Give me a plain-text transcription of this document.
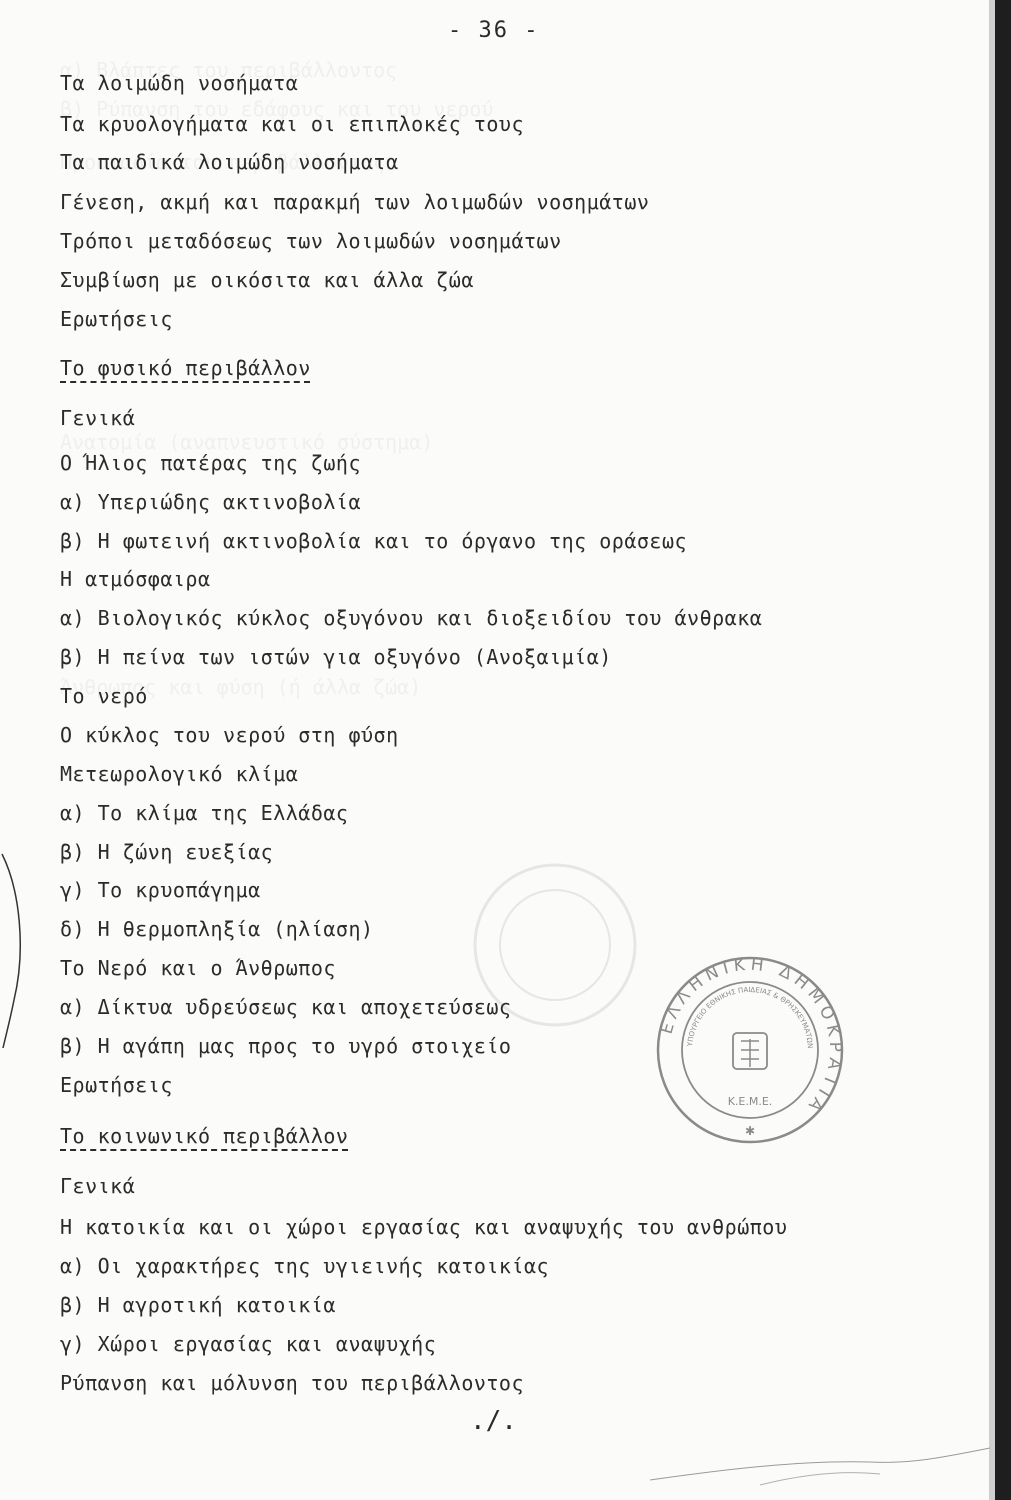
- 36 -
Τα λοιμώδη νοσήματα
Τα κρυολογήματα και οι επιπλοκές τους
Τα παιδικά λοιμώδη νοσήματα
Γένεση, ακμή και παρακμή των λοιμωδών νοσημάτων
Τρόποι μεταδόσεως των λοιμωδών νοσημάτων
Συμβίωση με οικόσιτα και άλλα ζώα
Ερωτήσεις
Το φυσικό περιβάλλον
Γενικά
Ο Ήλιος πατέρας της ζωής
α) Υπεριώδης ακτινοβολία
β) Η φωτεινή ακτινοβολία και το όργανο της οράσεως
Η ατμόσφαιρα
α) Βιολογικός κύκλος οξυγόνου και διοξειδίου του άνθρακα
β) Η πείνα των ιστών για οξυγόνο (Ανοξαιμία)
Το νερό
Ο κύκλος του νερού στη φύση
Μετεωρολογικό κλίμα
α) Το κλίμα της Ελλάδας
β) Η ζώνη ευεξίας
γ) Το κρυοπάγημα
δ) Η θερμοπληξία (ηλίαση)
Το Νερό και ο Άνθρωπος
α) Δίκτυα υδρεύσεως και αποχετεύσεως
β) Η αγάπη μας προς το υγρό στοιχείο
Ερωτήσεις
Το κοινωνικό περιβάλλον
Γενικά
Η κατοικία και οι χώροι εργασίας και αναψυχής του ανθρώπου
α) Οι χαρακτήρες της υγιεινής κατοικίας
β) Η αγροτική κατοικία
γ) Χώροι εργασίας και αναψυχής
Ρύπανση και μόλυνση του περιβάλλοντος
./.
ΕΛΛΗΝΙΚΗ ΔΗΜΟΚΡΑΤΙΑ
ΥΠΟΥΡΓΕΙΟ ΕΘΝΙΚΗΣ ΠΑΙΔΕΙΑΣ & ΘΡΗΣΚΕΥΜΑΤΩΝ
K.E.M.E.
✱
